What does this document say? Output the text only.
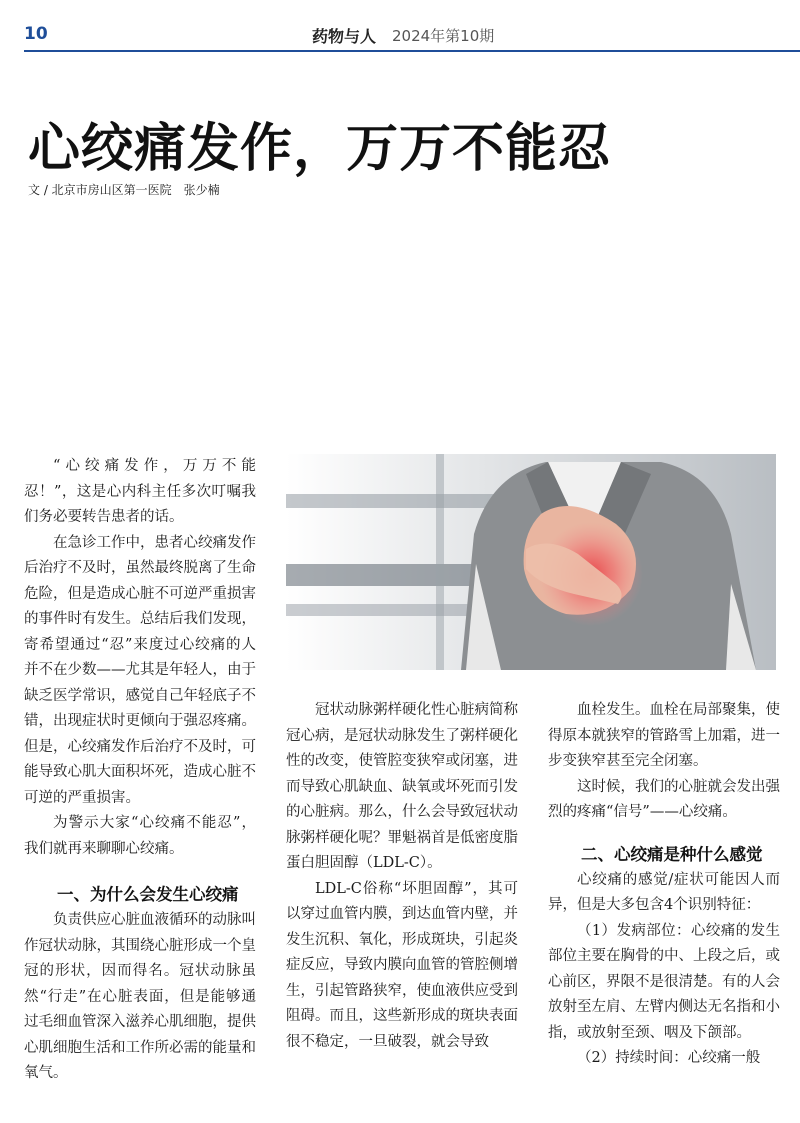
10	药物与人 2024年第10期
心绞痛发作，万万不能忍
文 / 北京市房山区第一医院　张少楠

“心绞痛发作，万万不能忍！”，这是心内科主任多次叮嘱我们务必要转告患者的话。

在急诊工作中，患者心绞痛发作后治疗不及时，虽然最终脱离了生命危险，但是造成心脏不可逆严重损害的事件时有发生。总结后我们发现，寄希望通过“忍”来度过心绞痛的人并不在少数——尤其是年轻人，由于缺乏医学常识，感觉自己年轻底子不错，出现症状时更倾向于强忍疼痛。但是，心绞痛发作后治疗不及时，可能导致心肌大面积坏死，造成心脏不可逆的严重损害。

为警示大家“心绞痛不能忍”，我们就再来聊聊心绞痛。

一、为什么会发生心绞痛

负责供应心脏血液循环的动脉叫作冠状动脉，其围绕心脏形成一个皇冠的形状，因而得名。冠状动脉虽然“行走”在心脏表面，但是能够通过毛细血管深入滋养心肌细胞，提供心肌细胞生活和工作所必需的能量和氧气。

冠状动脉粥样硬化性心脏病简称冠心病，是冠状动脉发生了粥样硬化性的改变，使管腔变狭窄或闭塞，进而导致心肌缺血、缺氧或坏死而引发的心脏病。那么，什么会导致冠状动脉粥样硬化呢？罪魁祸首是低密度脂蛋白胆固醇（LDL-C）。

LDL-C俗称“坏胆固醇”，其可以穿过血管内膜，到达血管内壁，并发生沉积、氧化，形成斑块，引起炎症反应，导致内膜向血管的管腔侧增生，引起管路狭窄，使血液供应受到阻碍。而且，这些新形成的斑块表面很不稳定，一旦破裂，就会导致

血栓发生。血栓在局部聚集，使得原本就狭窄的管路雪上加霜，进一步变狭窄甚至完全闭塞。

这时候，我们的心脏就会发出强烈的疼痛“信号”——心绞痛。

二、心绞痛是种什么感觉

心绞痛的感觉/症状可能因人而异，但是大多包含4个识别特征：

（1）发病部位：心绞痛的发生部位主要在胸骨的中、上段之后，或心前区，界限不是很清楚。有的人会放射至左肩、左臂内侧达无名指和小指，或放射至颈、咽及下颌部。

（2）持续时间：心绞痛一般
